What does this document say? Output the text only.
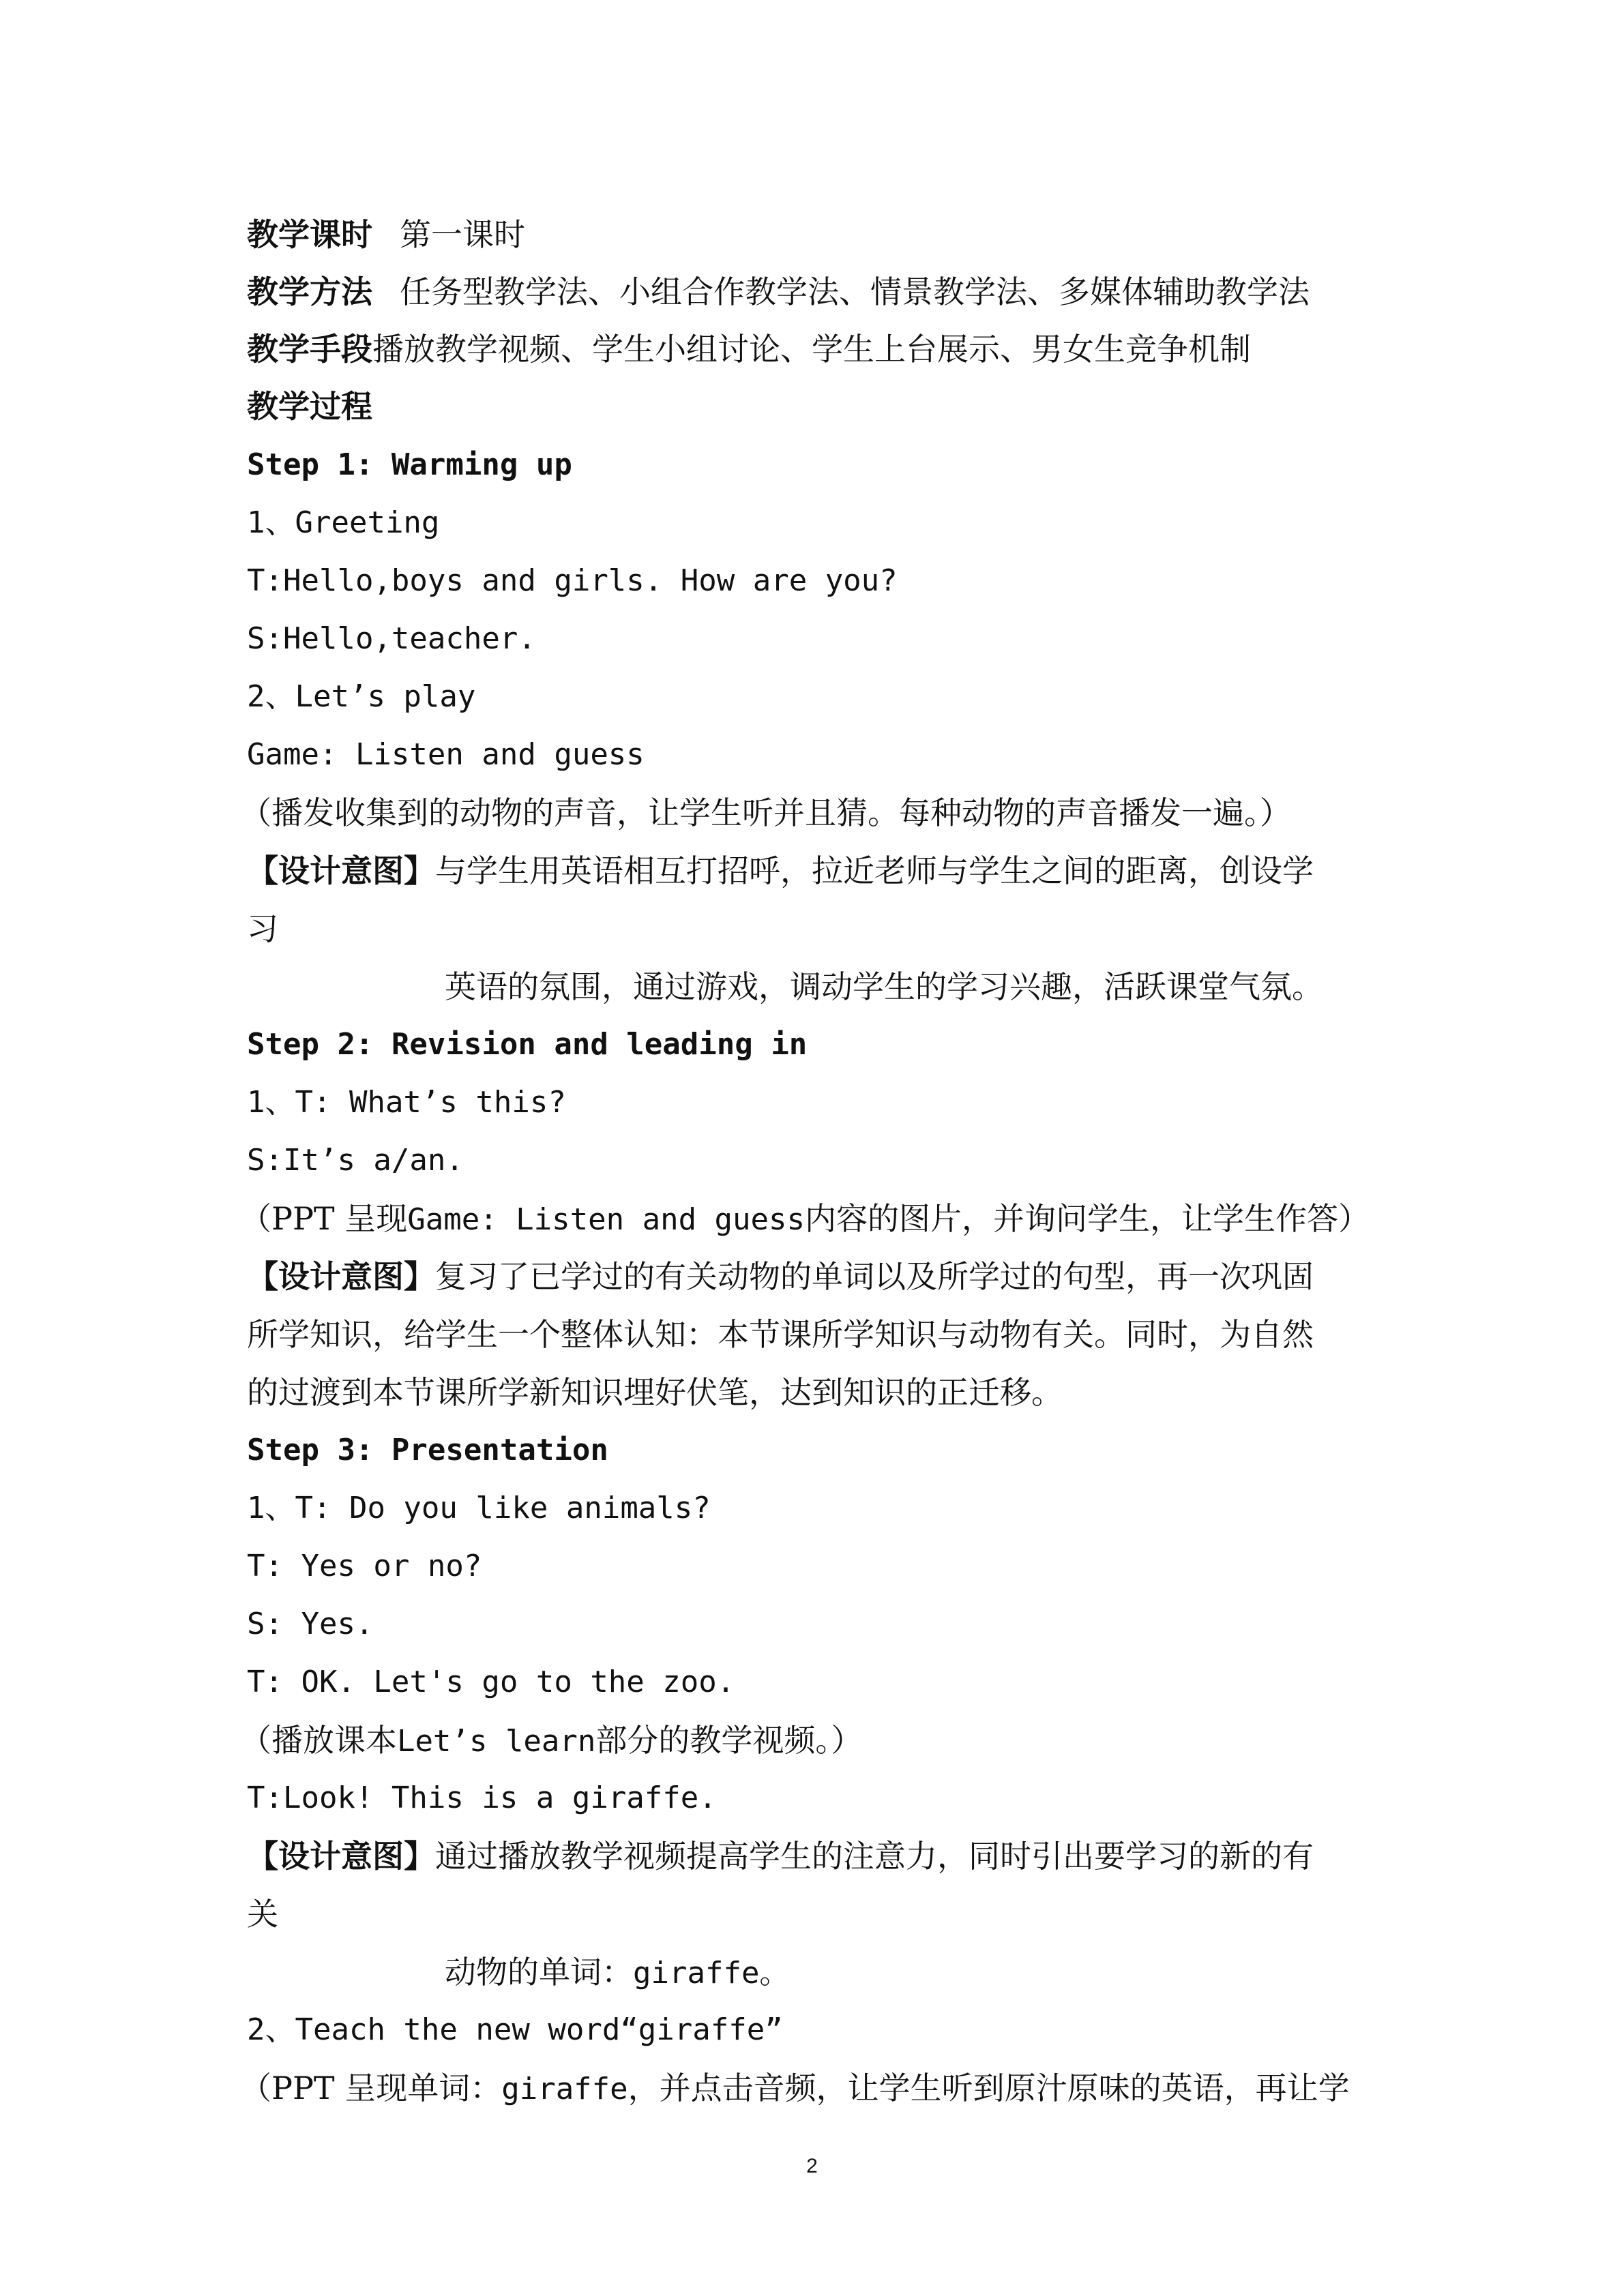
教学课时 第一课时
教学方法 任务型教学法、小组合作教学法、情景教学法、多媒体辅助教学法
教学手段播放教学视频、学生小组讨论、学生上台展示、男女生竞争机制
教学过程
Step 1: Warming up
1、Greeting
T:Hello,boys and girls. How are you?
S:Hello,teacher.
2、Let’s play
Game: Listen and guess
（播发收集到的动物的声音，让学生听并且猜。每种动物的声音播发一遍。）
【设计意图】与学生用英语相互打招呼，拉近老师与学生之间的距离，创设学
习
英语的氛围，通过游戏，调动学生的学习兴趣，活跃课堂气氛。
Step 2: Revision and leading in
1、T: What’s this?
S:It’s a/an.
（PPT 呈现Game: Listen and guess内容的图片，并询问学生，让学生作答）
【设计意图】复习了已学过的有关动物的单词以及所学过的句型，再一次巩固
所学知识，给学生一个整体认知：本节课所学知识与动物有关。同时，为自然
的过渡到本节课所学新知识埋好伏笔，达到知识的正迁移。
Step 3: Presentation
1、T: Do you like animals?
T: Yes or no?
S: Yes.
T: OK. Let's go to the zoo.
（播放课本Let’s learn部分的教学视频。）
T:Look! This is a giraffe.
【设计意图】通过播放教学视频提高学生的注意力，同时引出要学习的新的有
关
动物的单词：giraffe。
2、Teach the new word“giraffe”
（PPT 呈现单词：giraffe，并点击音频，让学生听到原汁原味的英语，再让学
2
